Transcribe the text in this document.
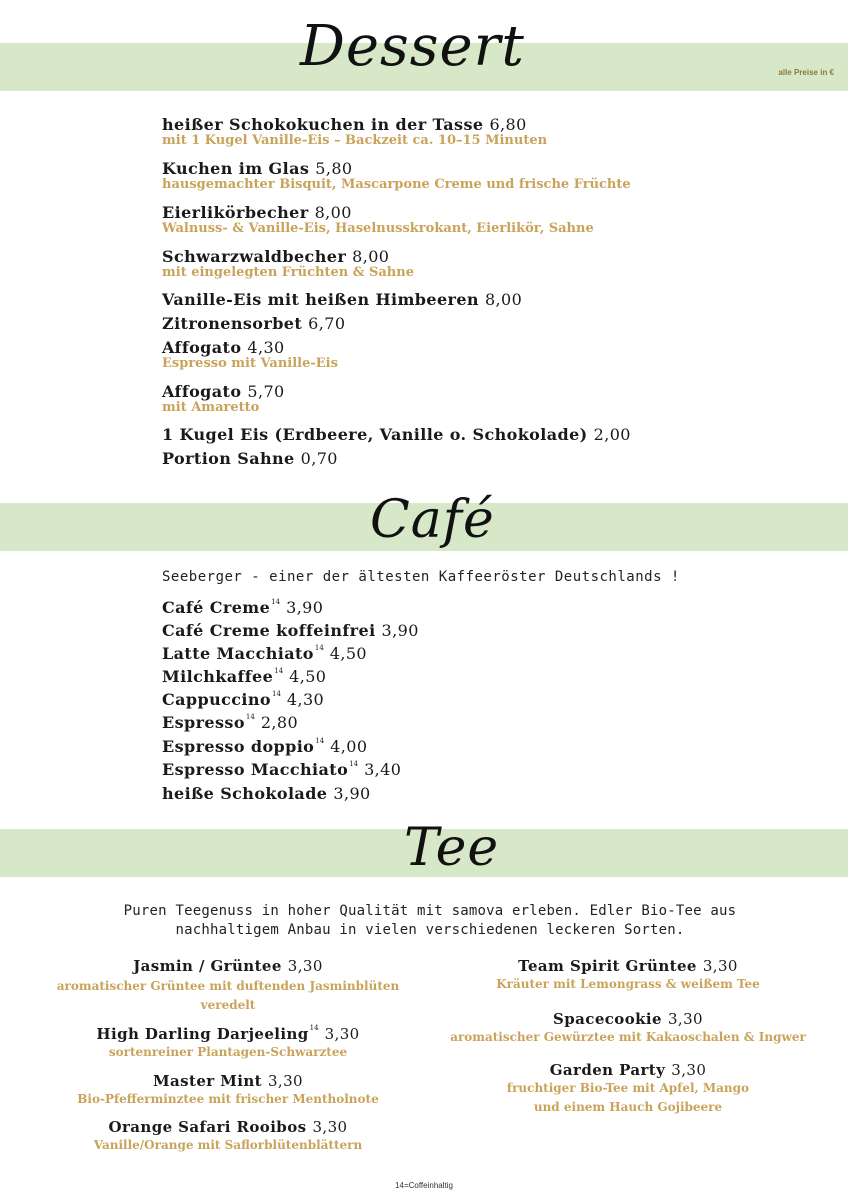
Dessert	alle Preise in €
heißer Schokokuchen in der Tasse 6,80
mit 1 Kugel Vanille-Eis – Backzeit ca. 10–15 Minuten
Kuchen im Glas 5,80
hausgemachter Bisquit, Mascarpone Creme und frische Früchte
Eierlikörbecher 8,00
Walnuss- & Vanille-Eis, Haselnusskrokant, Eierlikör, Sahne
Schwarzwaldbecher 8,00
mit eingelegten Früchten & Sahne
Vanille-Eis mit heißen Himbeeren 8,00
Zitronensorbet 6,70
Affogato 4,30
Espresso mit Vanille-Eis
Affogato 5,70
mit Amaretto
1 Kugel Eis (Erdbeere, Vanille o. Schokolade) 2,00
Portion Sahne 0,70
Café
Seeberger - einer der ältesten Kaffeeröster Deutschlands !
Café Creme$^{14}$ 3,90
Café Creme koffeinfrei 3,90
Latte Macchiato$^{14}$ 4,50
Milchkaffee$^{14}$ 4,50
Cappuccino$^{14}$ 4,30
Espresso$^{14}$ 2,80
Espresso doppio$^{14}$ 4,00
Espresso Macchiato$^{14}$ 3,40
heiße Schokolade 3,90
Tee
Puren Teegenuss in hoher Qualität mit samova erleben. Edler Bio-Tee aus
nachhaltigem Anbau in vielen verschiedenen leckeren Sorten.
Jasmin / Grüntee 3,30
aromatischer Grüntee mit duftenden Jasminblüten veredelt
High Darling Darjeeling$^{14}$ 3,30
sortenreiner Plantagen-Schwarztee
Master Mint 3,30
Bio-Pfefferminztee mit frischer Mentholnote
Orange Safari Rooibos 3,30
Vanille/Orange mit Saflorblütenblättern
Team Spirit Grüntee 3,30
Kräuter mit Lemongrass & weißem Tee
Spacecookie 3,30
aromatischer Gewürztee mit Kakaoschalen & Ingwer
Garden Party 3,30
fruchtiger Bio-Tee mit Apfel, Mango und einem Hauch Gojibeere
14=Coffeinhaltig
